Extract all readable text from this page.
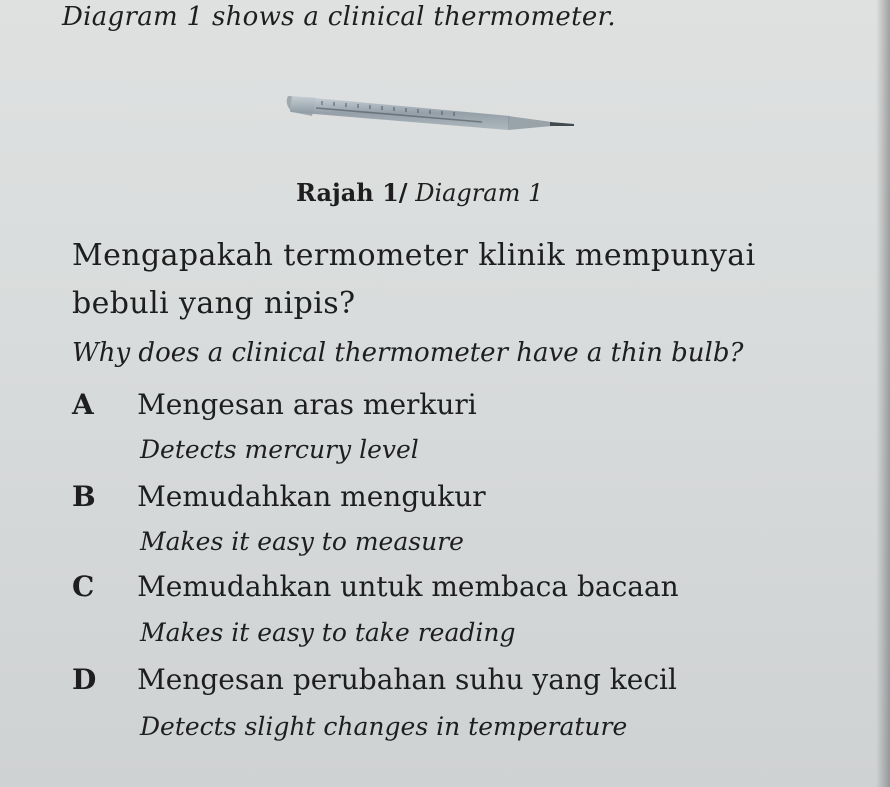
Diagram 1 shows a clinical thermometer.
Rajah 1/ Diagram 1
Mengapakah termometer klinik mempunyai
bebuli yang nipis?
Why does a clinical thermometer have a thin bulb?
A Mengesan aras merkuri
Detects mercury level
B Memudahkan mengukur
Makes it easy to measure
C Memudahkan untuk membaca bacaan
Makes it easy to take reading
D Mengesan perubahan suhu yang kecil
Detects slight changes in temperature
